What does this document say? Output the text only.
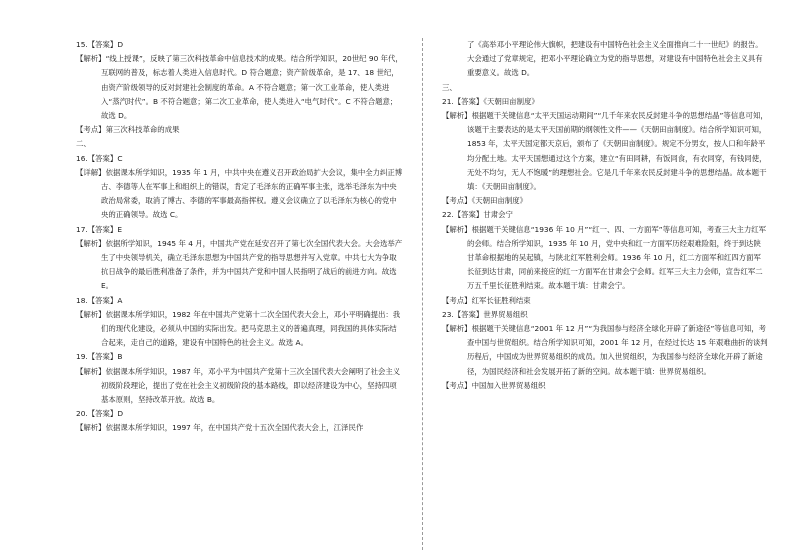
15.【答案】D

【解析】“线上授课”，反映了第三次科技革命中信息技术的成果。结合所学知识，20世纪 90 年代，互联网的普及，标志着人类进入信息时代。D 符合题意；资产阶级革命，是 17、18 世纪，由资产阶级领导的反对封建社会制度的革命。A 不符合题意；第一次工业革命，使人类进入“蒸汽时代”。B 不符合题意；第二次工业革命，使人类进入“电气时代”。C 不符合题意；故选 D。

【考点】第三次科技革命的成果

二、

16.【答案】C

【详解】依据课本所学知识，1935 年 1 月，中共中央在遵义召开政治局扩大会议，集中全力纠正博古、李德等人在军事上和组织上的错误，肯定了毛泽东的正确军事主张，选举毛泽东为中央政治局常委，取消了博古、李德的军事最高指挥权。遵义会议确立了以毛泽东为核心的党中央的正确领导。故选 C。

17.【答案】E

【解析】依据所学知识，1945 年 4 月，中国共产党在延安召开了第七次全国代表大会。大会选举产生了中央领导机关，确立毛泽东思想为中国共产党的指导思想并写入党章。中共七大为争取抗日战争的最后胜利准备了条件，并为中国共产党和中国人民指明了战后的前进方向。故选 E。

18.【答案】A

【解析】依据课本所学知识，1982 年在中国共产党第十二次全国代表大会上，邓小平明确提出：我们的现代化建设，必须从中国的实际出发。把马克思主义的普遍真理，同我国的具体实际结合起来，走自己的道路，建设有中国特色的社会主义。故选 A。

19.【答案】B

【解析】依据课本所学知识，1987 年，邓小平为中国共产党第十三次全国代表大会阐明了社会主义初级阶段理论，提出了党在社会主义初级阶段的基本路线，即以经济建设为中心，坚持四项基本原则，坚持改革开放。故选 B。

20.【答案】D

【解析】依据课本所学知识，1997 年，在中国共产党十五次全国代表大会上，江泽民作

了《高举邓小平理论伟大旗帜，把建设有中国特色社会主义全面推向二十一世纪》的报告。大会通过了党章规定，把邓小平理论确立为党的指导思想，对建设有中国特色社会主义具有重要意义。故选 D。

三、

21.【答案】《天朝田亩制度》

【解析】根据题干关键信息“太平天国运动期间”“几千年来农民反封建斗争的思想结晶”等信息可知，该题干主要表达的是太平天国前期的纲领性文件——《天朝田亩制度》。结合所学知识可知，1853 年，太平天国定都天京后，颁布了《天朝田亩制度》。规定不分男女，按人口和年龄平均分配土地。太平天国想通过这个方案，建立“有田同耕，有饭同食，有衣同穿，有钱同使，无处不均匀，无人不饱暖”的理想社会。它是几千年来农民反封建斗争的思想结晶。故本题干填：《天朝田亩制度》。

【考点】《天朝田亩制度》

22.【答案】甘肃会宁

【解析】根据题干关键信息“1936 年 10 月”“红一、四、一方面军”等信息可知，考查三大主力红军的会师。结合所学知识，1935 年 10 月，党中央和红一方面军历经艰难险阻，终于到达陕甘革命根据地的吴起镇，与陕北红军胜利会师。1936 年 10 月，红二方面军和红四方面军长征到达甘肃，同前来接应的红一方面军在甘肃会宁会师。红军三大主力会师，宣告红军二万五千里长征胜利结束。故本题干填：甘肃会宁。

【考点】红军长征胜利结束

23.【答案】世界贸易组织

【解析】根据题干关键信息“2001 年 12 月”“为我国参与经济全球化开辟了新途径”等信息可知，考查中国与世贸组织。结合所学知识可知，2001 年 12 月，在经过长达 15 年艰难曲折的谈判历程后，中国成为世界贸易组织的成员。加入世贸组织，为我国参与经济全球化开辟了新途径，为国民经济和社会发展开拓了新的空间。故本题干填：世界贸易组织。

【考点】中国加入世界贸易组织
